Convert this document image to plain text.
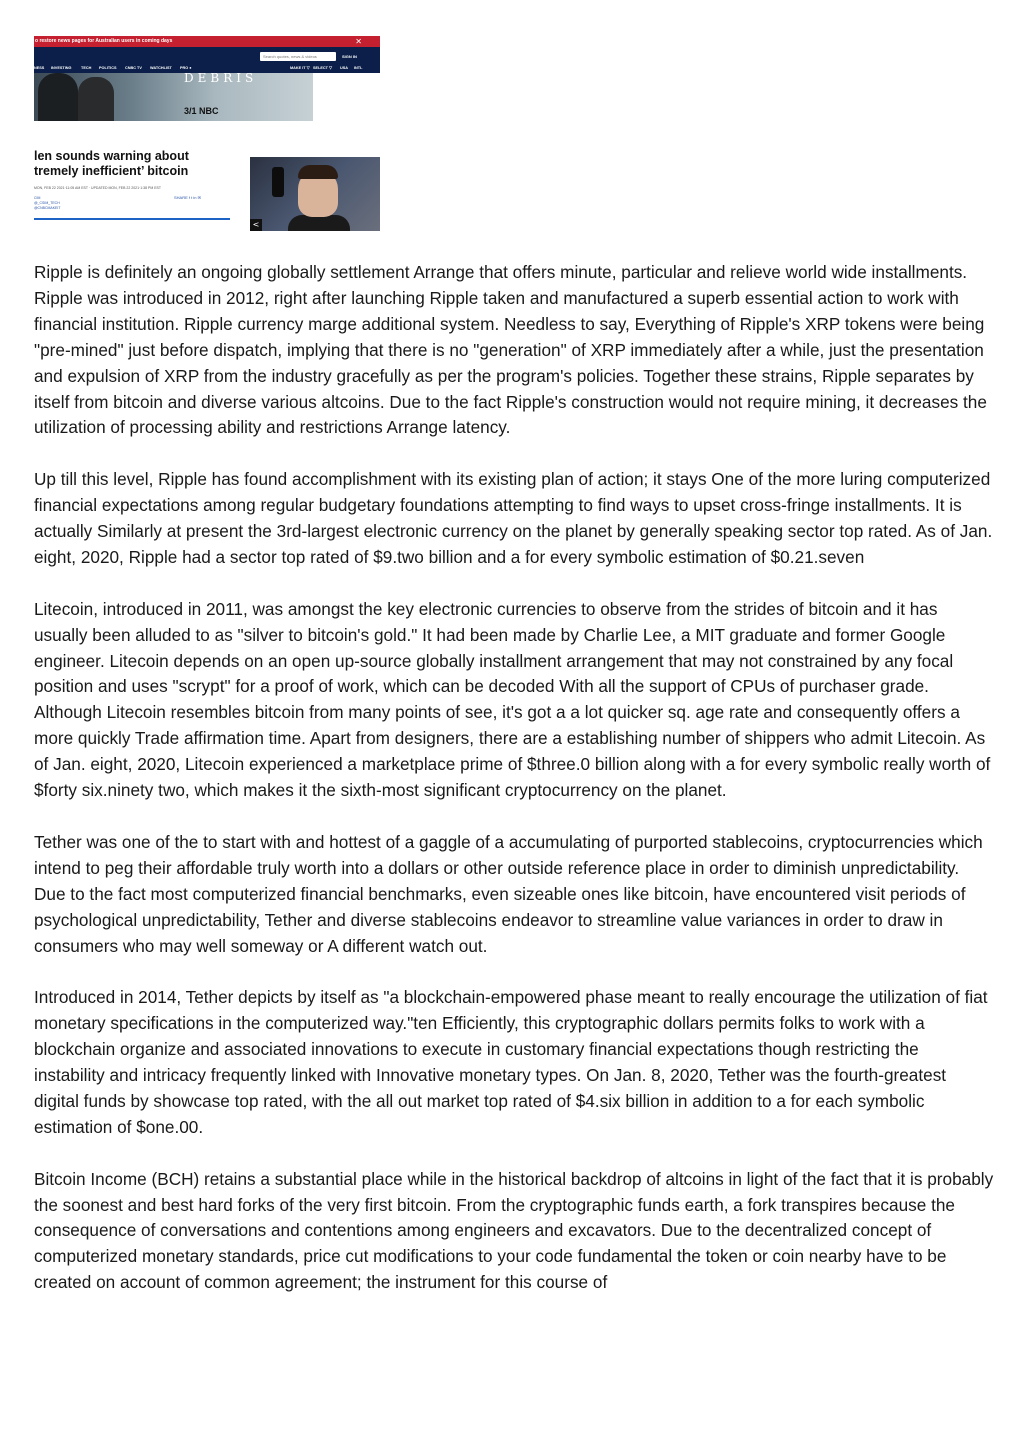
o restore news pages for Australian users in coming days	✕
Search quotes, news & videos	SIGN IN
NESS INVESTING	TECH POLITICS CNBC TV WATCHLIST PRO ●	MAKE IT ▽ SELECT ▽ USA INTL
DEBRIS
3/1 NBC
len sounds warning about
tremely inefficient’ bitcoin
MON, FEB 22 2021·11:05 AM EST · UPDATED MON, FEB 22 2021·1:38 PM EST
CIM
@_CSIM_TECH
@CNBCMAKEIT
SHARE f t in ✉
<

Ripple is definitely an ongoing globally settlement Arrange that offers minute, particular and relieve world wide installments. Ripple was introduced in 2012, right after launching Ripple taken and manufactured a superb essential action to work with financial institution. Ripple currency marge additional system. Needless to say, Everything of Ripple's XRP tokens were being "pre-mined" just before dispatch, implying that there is no "generation" of XRP immediately after a while, just the presentation and expulsion of XRP from the industry gracefully as per the program's policies. Together these strains, Ripple separates by itself from bitcoin and diverse various altcoins. Due to the fact Ripple's construction would not require mining, it decreases the utilization of processing ability and restrictions Arrange latency.

Up till this level, Ripple has found accomplishment with its existing plan of action; it stays One of the more luring computerized financial expectations among regular budgetary foundations attempting to find ways to upset cross-fringe installments. It is actually Similarly at present the 3rd-largest electronic currency on the planet by generally speaking sector top rated. As of Jan. eight, 2020, Ripple had a sector top rated of $9.two billion and a for every symbolic estimation of $0.21.seven

Litecoin, introduced in 2011, was amongst the key electronic currencies to observe from the strides of bitcoin and it has usually been alluded to as "silver to bitcoin's gold." It had been made by Charlie Lee, a MIT graduate and former Google engineer. Litecoin depends on an open up-source globally installment arrangement that may not constrained by any focal position and uses "scrypt" for a proof of work, which can be decoded With all the support of CPUs of purchaser grade. Although Litecoin resembles bitcoin from many points of see, it's got a a lot quicker sq. age rate and consequently offers a more quickly Trade affirmation time. Apart from designers, there are a establishing number of shippers who admit Litecoin. As of Jan. eight, 2020, Litecoin experienced a marketplace prime of $three.0 billion along with a for every symbolic really worth of $forty six.ninety two, which makes it the sixth-most significant cryptocurrency on the planet.

Tether was one of the to start with and hottest of a gaggle of a accumulating of purported stablecoins, cryptocurrencies which intend to peg their affordable truly worth into a dollars or other outside reference place in order to diminish unpredictability. Due to the fact most computerized financial benchmarks, even sizeable ones like bitcoin, have encountered visit periods of psychological unpredictability, Tether and diverse stablecoins endeavor to streamline value variances in order to draw in consumers who may well someway or A different watch out.

Introduced in 2014, Tether depicts by itself as "a blockchain-empowered phase meant to really encourage the utilization of fiat monetary specifications in the computerized way."ten Efficiently, this cryptographic dollars permits folks to work with a blockchain organize and associated innovations to execute in customary financial expectations though restricting the instability and intricacy frequently linked with Innovative monetary types. On Jan. 8, 2020, Tether was the fourth-greatest digital funds by showcase top rated, with the all out market top rated of $4.six billion in addition to a for each symbolic estimation of $one.00.

Bitcoin Income (BCH) retains a substantial place while in the historical backdrop of altcoins in light of the fact that it is probably the soonest and best hard forks of the very first bitcoin. From the cryptographic funds earth, a fork transpires because the consequence of conversations and contentions among engineers and excavators. Due to the decentralized concept of computerized monetary standards, price cut modifications to your code fundamental the token or coin nearby have to be created on account of common agreement; the instrument for this course of
